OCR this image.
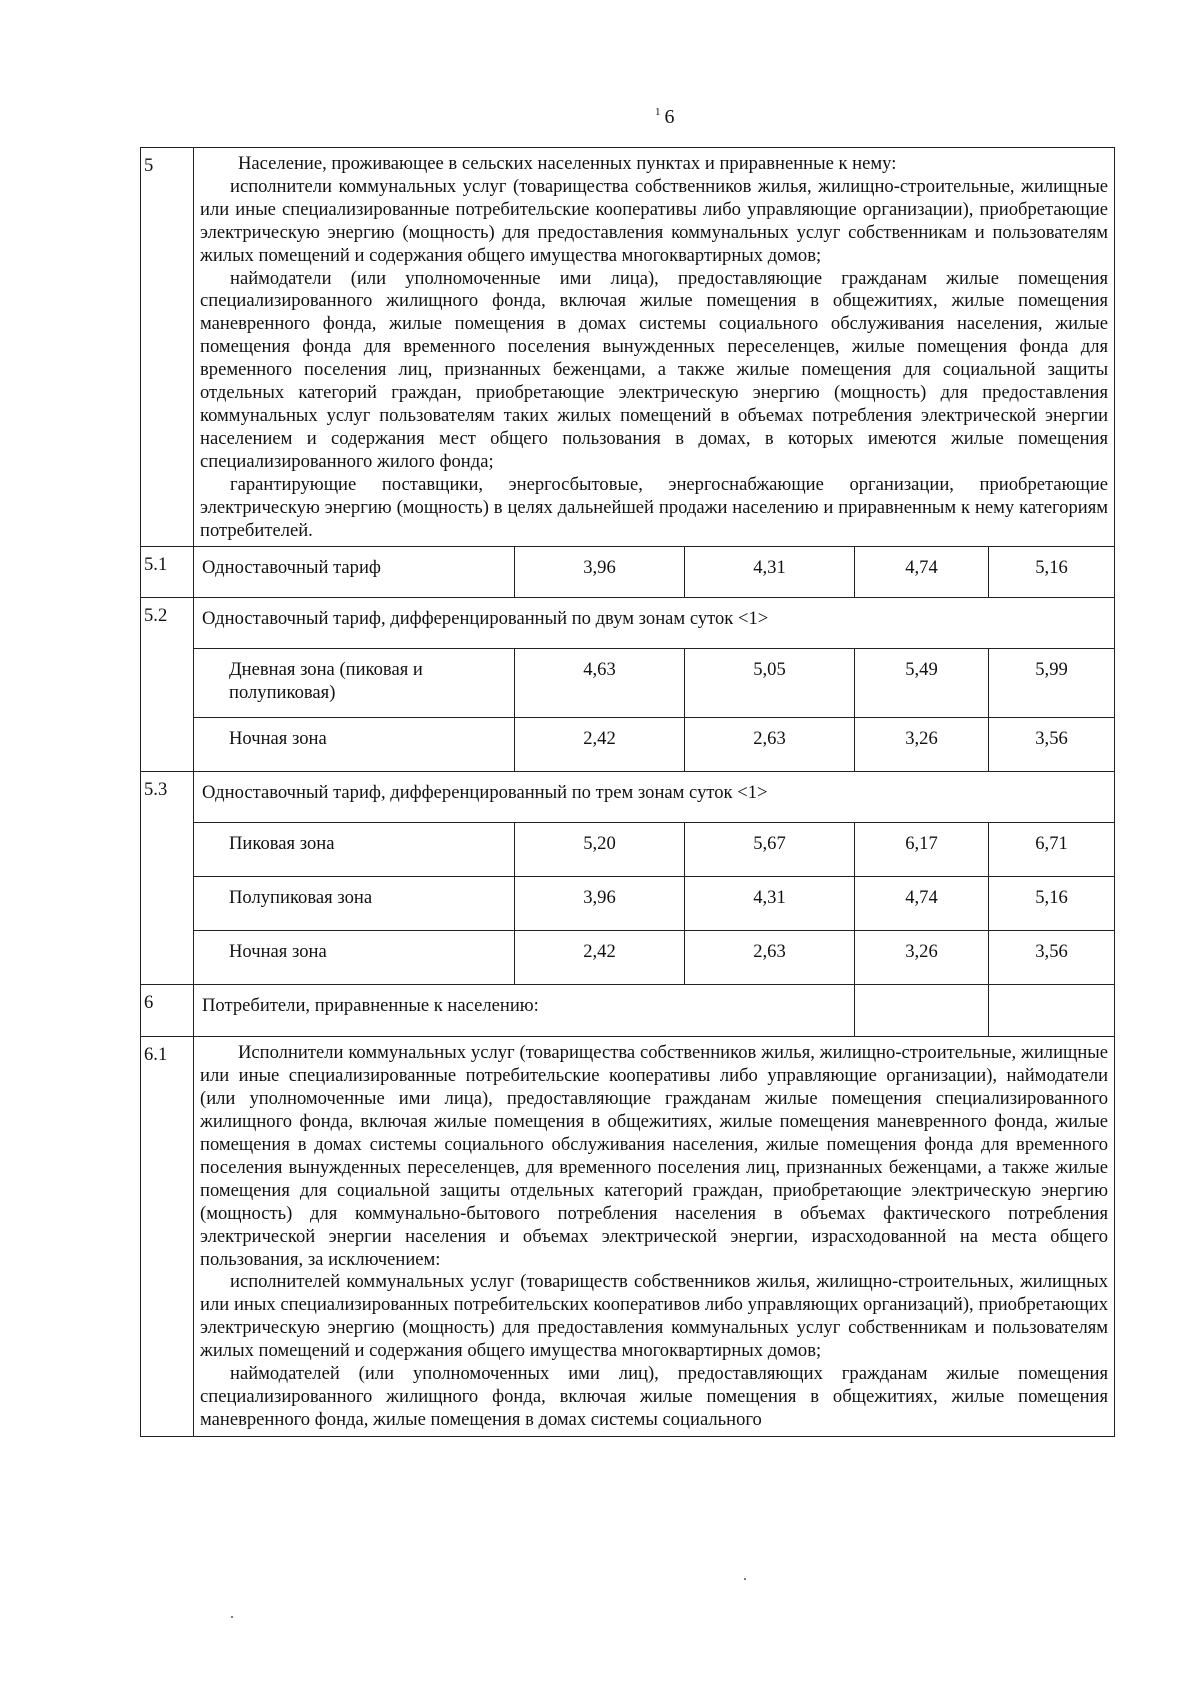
$^1$ 6
5	Население, проживающее в сельских населенных пунктах и приравненные к нему:

исполнители коммунальных услуг (товарищества собственников жилья, жилищно-строительные, жилищные или иные специализированные потребительские кооперативы либо управляющие организации), приобретающие электрическую энергию (мощность) для предоставления коммунальных услуг собственникам и пользователям жилых помещений и содержания общего имущества многоквартирных домов;

наймодатели (или уполномоченные ими лица), предоставляющие гражданам жилые помещения специализированного жилищного фонда, включая жилые помещения в общежитиях, жилые помещения маневренного фонда, жилые помещения в домах системы социального обслуживания населения, жилые помещения фонда для временного поселения вынужденных переселенцев, жилые помещения фонда для временного поселения лиц, признанных беженцами, а также жилые помещения для социальной защиты отдельных категорий граждан, приобретающие электрическую энергию (мощность) для предоставления коммунальных услуг пользователям таких жилых помещений в объемах потребления электрической энергии населением и содержания мест общего пользования в домах, в которых имеются жилые помещения специализированного жилого фонда;

гарантирующие поставщики, энергосбытовые, энергоснабжающие организации, приобретающие электрическую энергию (мощность) в целях дальнейшей продажи населению и приравненным к нему категориям потребителей.				

5.1	Одноставочный тариф	3,96	4,31	4,74	5,16
5.2	Одноставочный тариф, дифференцированный по двум зонам суток <1>				
	Дневная зона (пиковая и полупиковая)	4,63	5,05	5,49	5,99
	Ночная зона	2,42	2,63	3,26	3,56
5.3	Одноставочный тариф, дифференцированный по трем зонам суток <1>				
	Пиковая зона	5,20	5,67	6,17	6,71
	Полупиковая зона	3,96	4,31	4,74	5,16
	Ночная зона	2,42	2,63	3,26	3,56
6	Потребители, приравненные к населению:				
6.1	Исполнители коммунальных услуг (товарищества собственников жилья, жилищно-строительные, жилищные или иные специализированные потребительские кооперативы либо управляющие организации), наймодатели (или уполномоченные ими лица), предоставляющие гражданам жилые помещения специализированного жилищного фонда, включая жилые помещения в общежитиях, жилые помещения маневренного фонда, жилые помещения в домах системы социального обслуживания населения, жилые помещения фонда для временного поселения вынужденных переселенцев, для временного поселения лиц, признанных беженцами, а также жилые помещения для социальной защиты отдельных категорий граждан, приобретающие электрическую энергию (мощность) для коммунально-бытового потребления населения в объемах фактического потребления электрической энергии населения и объемах электрической энергии, израсходованной на места общего пользования, за исключением:

исполнителей коммунальных услуг (товариществ собственников жилья, жилищно-строительных, жилищных или иных специализированных потребительских кооперативов либо управляющих организаций), приобретающих электрическую энергию (мощность) для предоставления коммунальных услуг собственникам и пользователям жилых помещений и содержания общего имущества многоквартирных домов;

наймодателей (или уполномоченных ими лиц), предоставляющих гражданам жилые помещения специализированного жилищного фонда, включая жилые помещения в общежитиях, жилые помещения маневренного фонда, жилые помещения в домах системы социального				
